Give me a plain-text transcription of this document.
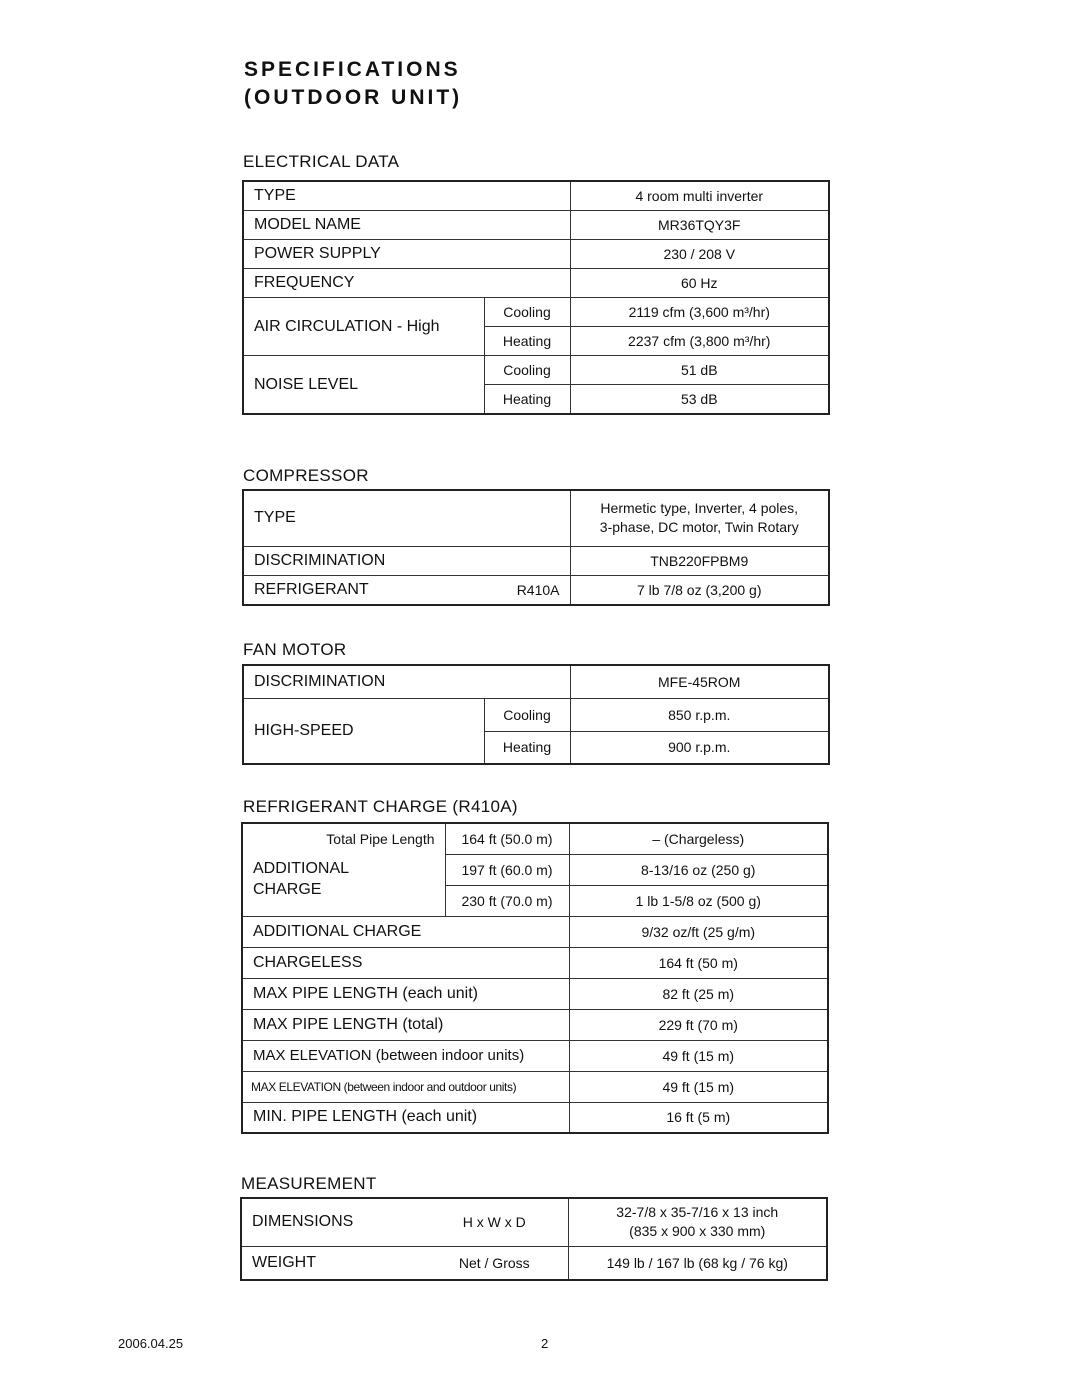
SPECIFICATIONS
(OUTDOOR UNIT)
ELECTRICAL DATA
TYPE		4 room multi inverter
MODEL NAME		MR36TQY3F
POWER SUPPLY		230 / 208 V
FREQUENCY		60 Hz
AIR CIRCULATION - High	Cooling	2119 cfm (3,600 m³/hr)
	Heating	2237 cfm (3,800 m³/hr)
NOISE LEVEL	Cooling	51 dB
	Heating	53 dB
COMPRESSOR
TYPE		Hermetic type, Inverter, 4 poles,
3-phase, DC motor, Twin Rotary

DISCRIMINATION		TNB220FPBM9
REFRIGERANT	R410A	7 lb 7/8 oz (3,200 g)
FAN MOTOR
DISCRIMINATION		MFE-45ROM
HIGH-SPEED	Cooling	850 r.p.m.
	Heating	900 r.p.m.
REFRIGERANT CHARGE (R410A)
Total Pipe Length	164 ft (50.0 m)	– (Chargeless)

ADDITIONAL
CHARGE	197 ft (60.0 m)	8-13/16 oz (250 g)
	230 ft (70.0 m)	1 lb 1-5/8 oz (500 g)
ADDITIONAL CHARGE		9/32 oz/ft (25 g/m)
CHARGELESS		164 ft (50 m)
MAX PIPE LENGTH (each unit)		82 ft (25 m)
MAX PIPE LENGTH (total)		229 ft (70 m)
MAX ELEVATION (between indoor units)		49 ft (15 m)
MAX ELEVATION (between indoor and outdoor units)		49 ft (15 m)
MIN. PIPE LENGTH (each unit)		16 ft (5 m)
MEASUREMENT
DIMENSIONS	H x W x D	32-7/8 x 35-7/16 x 13 inch
(835 x 900 x 330 mm)

WEIGHT	Net / Gross	149 lb / 167 lb (68 kg / 76 kg)
2006.04.25	2
